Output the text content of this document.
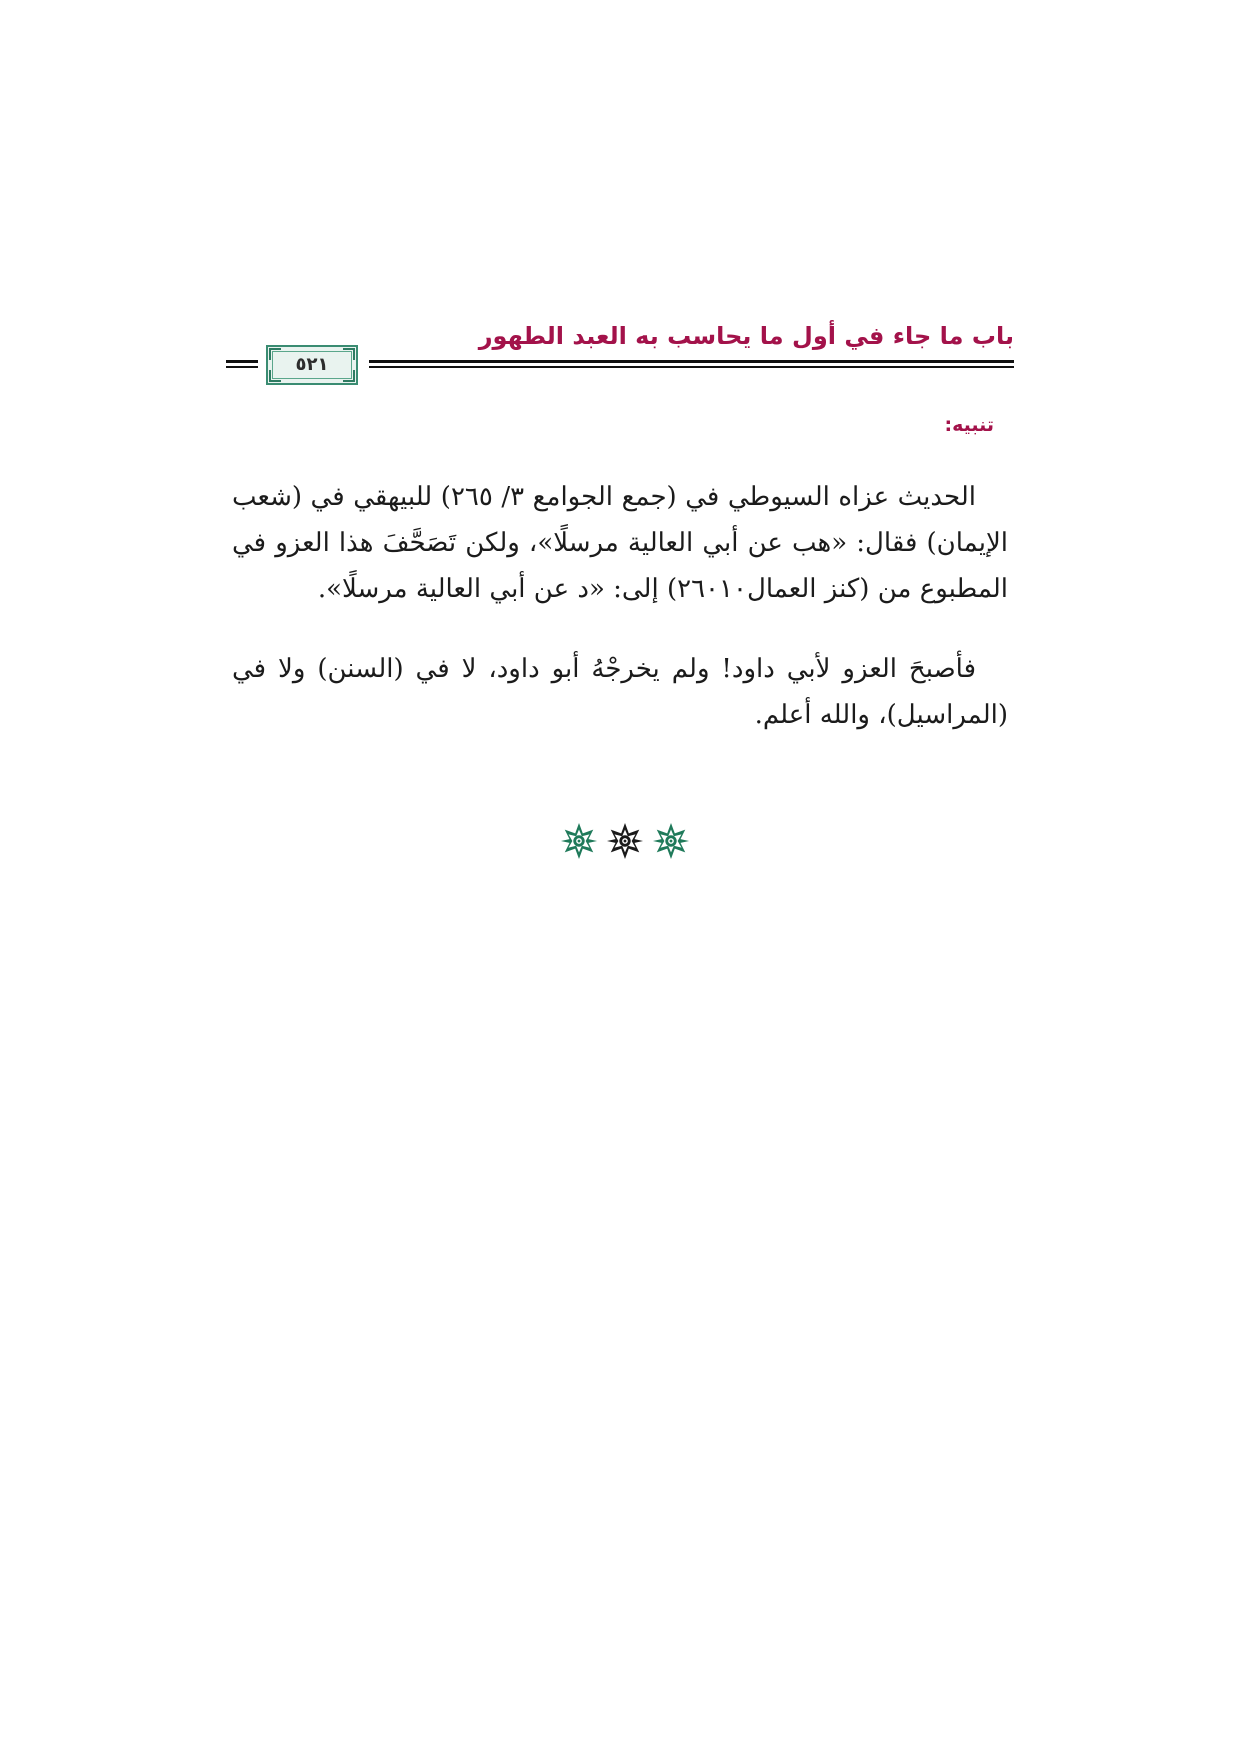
باب ما جاء في أول ما يحاسب به العبد الطهور
٥٢١
تنبيه:

الحديث عزاه السيوطي في (جمع الجوامع ٣/ ٢٦٥) للبيهقي في (شعب الإيمان) فقال: «هب عن أبي العالية مرسلًا»، ولكن تَصَحَّفَ هذا العزو في المطبوع من (كنز العمال٢٦٠١٠) إلى: «د عن أبي العالية مرسلًا».

فأصبحَ العزو لأبي داود! ولم يخرجْهُ أبو داود، لا في (السنن) ولا في (المراسيل)، والله أعلم.
